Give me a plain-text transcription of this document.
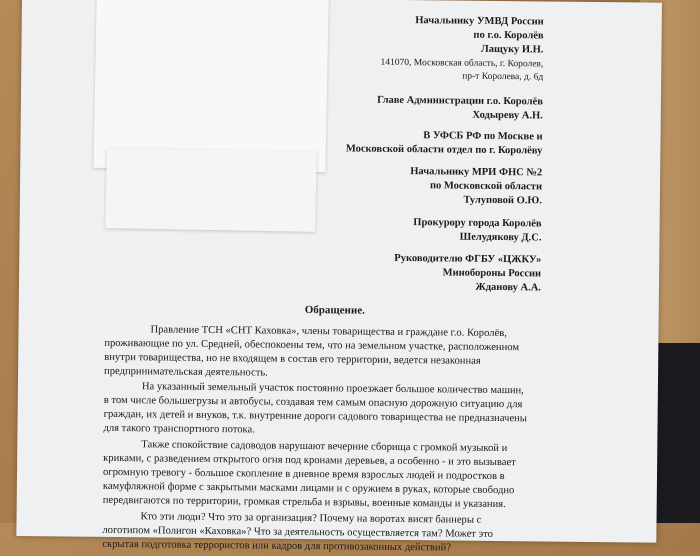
Начальнику УМВД России
по г.о. Королёв
Лащуку И.Н.
141070, Московская область, г. Королев,
пр-т Королева, д. 6д
Главе Администрации г.о. Королёв
Ходыреву А.Н.
В УФСБ РФ по Москве и
Московской области отдел по г. Королёву
Начальнику МРИ ФНС №2
по Московской области
Тулуповой О.Ю.
Прокурору города Королёв
Шелудякову Д.С.
Руководителю ФГБУ «ЦЖКУ»
Минобороны России
Жданову А.А.
Обращение.
Правление ТСН «СНТ Каховка», члены товарищества и граждане г.о. Королёв,
проживающие по ул. Средней, обеспокоены тем, что на земельном участке, расположенном
внутри товарищества, но не входящем в состав его территории, ведется незаконная
предпринимательская деятельность.
На указанный земельный участок постоянно проезжает большое количество машин,
в том числе большегрузы и автобусы, создавая тем самым опасную дорожную ситуацию для
граждан, их детей и внуков, т.к. внутренние дороги садового товарищества не предназначены
для такого транспортного потока.
Также спокойствие садоводов нарушают вечерние сборища с громкой музыкой и
криками, с разведением открытого огня под кронами деревьев, а особенно - и это вызывает
огромную тревогу - большое скопление в дневное время взрослых людей и подростков в
камуфляжной форме с закрытыми масками лицами и с оружием в руках, которые свободно
передвигаются по территории, громкая стрельба и взрывы, военные команды и указания.
Кто эти люди? Что это за организация? Почему на воротах висят баннеры с
логотипом «Полигон «Каховка»? Что за деятельность осуществляется там? Может это
скрытая подготовка террористов или кадров для противозаконных действий?
